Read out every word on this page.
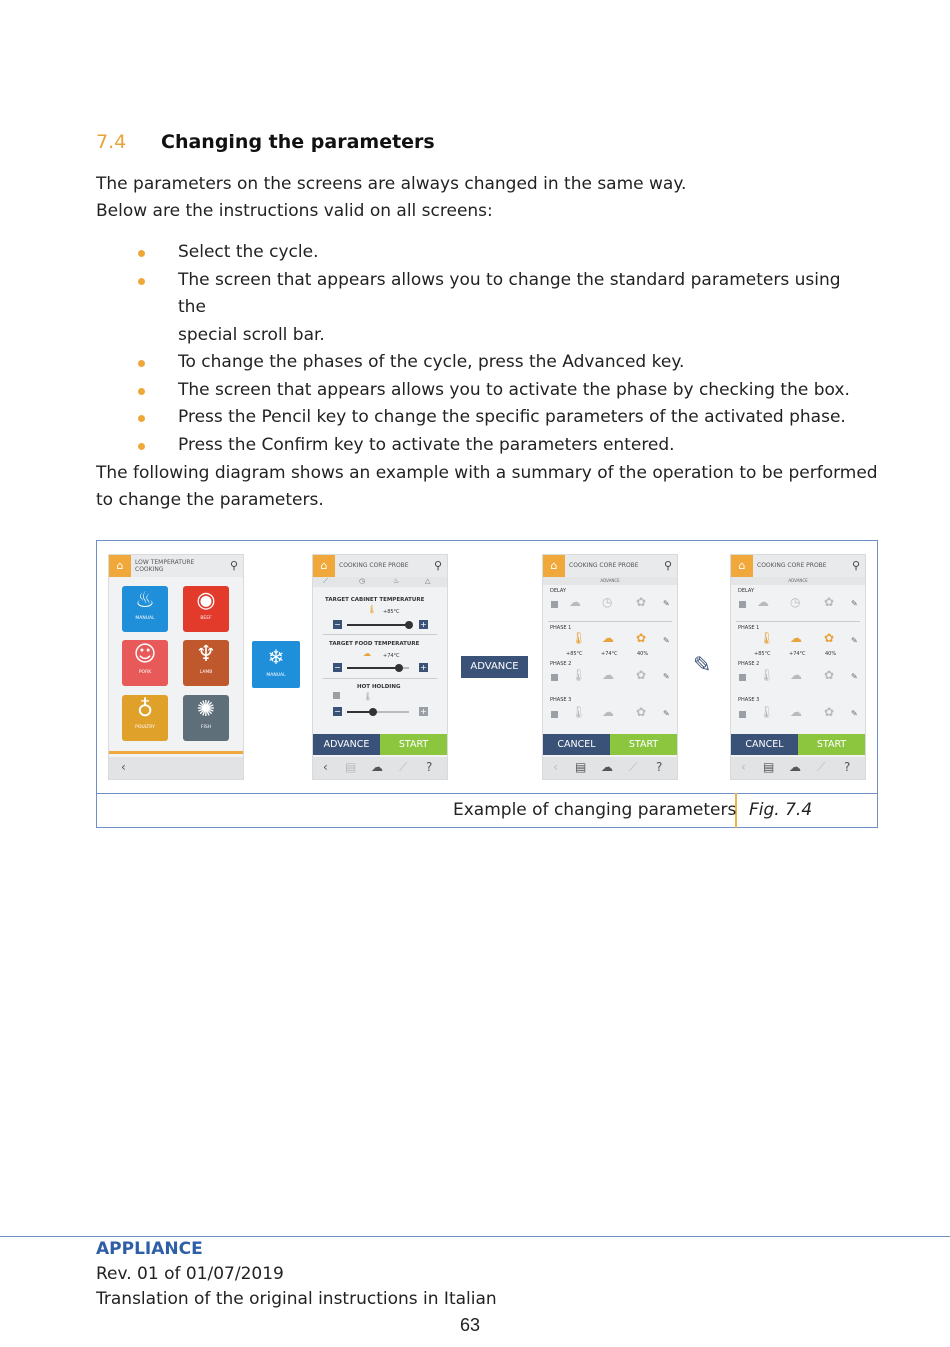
7.4 Changing the parameters
The parameters on the screens are always changed in the same way.
Below are the instructions valid on all screens:
Select the cycle.
The screen that appears allows you to change the standard parameters using the
special scroll bar.
To change the phases of the cycle, press the Advanced key.
The screen that appears allows you to activate the phase by checking the box.
Press the Pencil key to change the specific parameters of the activated phase.
Press the Confirm key to activate the parameters entered.
The following diagram shows an example with a summary of the operation to be performed
to change the parameters.
Example of changing parameters Fig. 7.4
⌂	LOW TEMPERATURE
COOKING	⚲
♨
MANUAL
◉
BEEF
☺
PORK
♆
LAMB
♁
POULTRY
✺
FISH
‹
❄
MANUAL
⌂	COOKING CORE PROBE ⚲
⟋	◷	♨	△
TARGET CABINET TEMPERATURE
🌡 +85°C
−	+
TARGET FOOD TEMPERATURE
☁ +74°C
−	+
HOT HOLDING
🌡
−	+
ADVANCE	START
‹ ▤ ☁ ⟋ ?
ADVANCE
⌂	COOKING CORE PROBE ⚲
ADVANCE
DELAY
☁ ◷ ✿ ✎
PHASE 1
🌡 ☁ ✿ ✎
+85°C	+74°C	40%
PHASE 2
🌡 ☁ ✿ ✎
PHASE 3
🌡 ☁ ✿ ✎
CANCEL	START
‹ ▤ ☁ ⟋ ?
✎
⌂	COOKING CORE PROBE ⚲
ADVANCE
DELAY
☁ ◷ ✿ ✎
PHASE 1
🌡 ☁ ✿ ✎
+85°C	+74°C	40%
PHASE 2
🌡 ☁ ✿ ✎
PHASE 3
🌡 ☁ ✿ ✎
CANCEL	START
‹ ▤ ☁ ⟋ ?
APPLIANCE
Rev. 01 of 01/07/2019
Translation of the original instructions in Italian
63
